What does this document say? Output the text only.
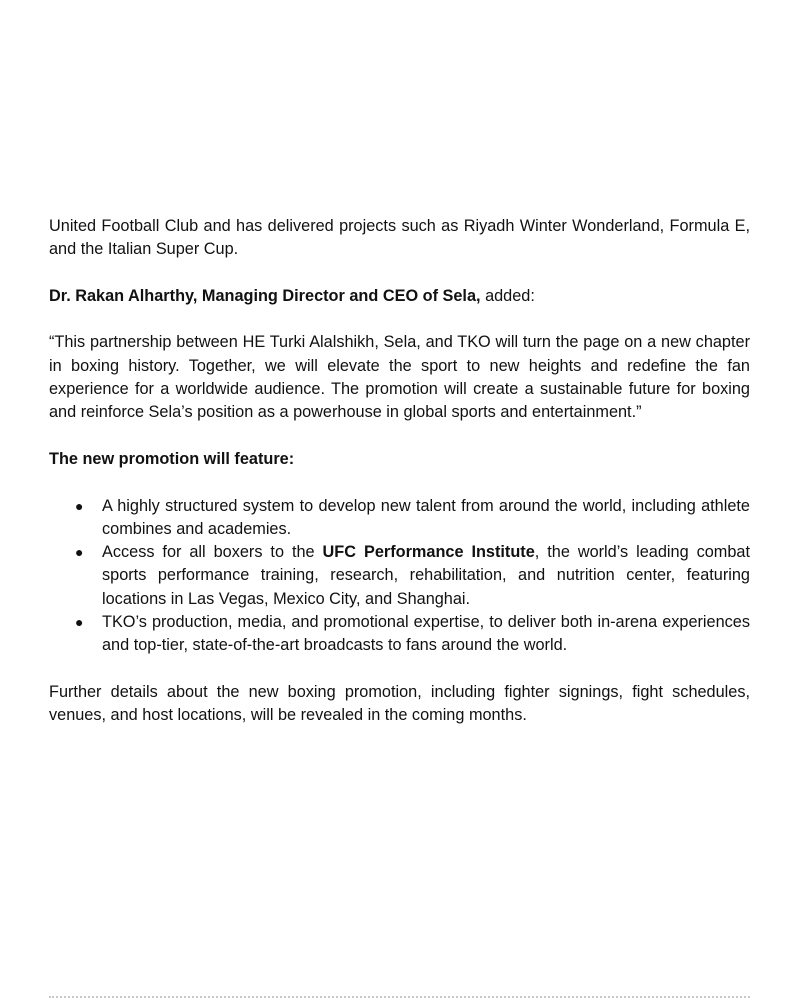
United Football Club and has delivered projects such as Riyadh Winter Wonderland, Formula E, and the Italian Super Cup.

Dr. Rakan Alharthy, Managing Director and CEO of Sela, added:

“This partnership between HE Turki Alalshikh, Sela, and TKO will turn the page on a new chapter in boxing history. Together, we will elevate the sport to new heights and redefine the fan experience for a worldwide audience. The promotion will create a sustainable future for boxing and reinforce Sela’s position as a powerhouse in global sports and entertainment.”

The new promotion will feature:

● A highly structured system to develop new talent from around the world, including athlete combines and academies.
● Access for all boxers to the UFC Performance Institute, the world’s leading combat sports performance training, research, rehabilitation, and nutrition center, featuring locations in Las Vegas, Mexico City, and Shanghai.
● TKO’s production, media, and promotional expertise, to deliver both in-arena experiences and top-tier, state-of-the-art broadcasts to fans around the world.

Further details about the new boxing promotion, including fighter signings, fight schedules, venues, and host locations, will be revealed in the coming months.
